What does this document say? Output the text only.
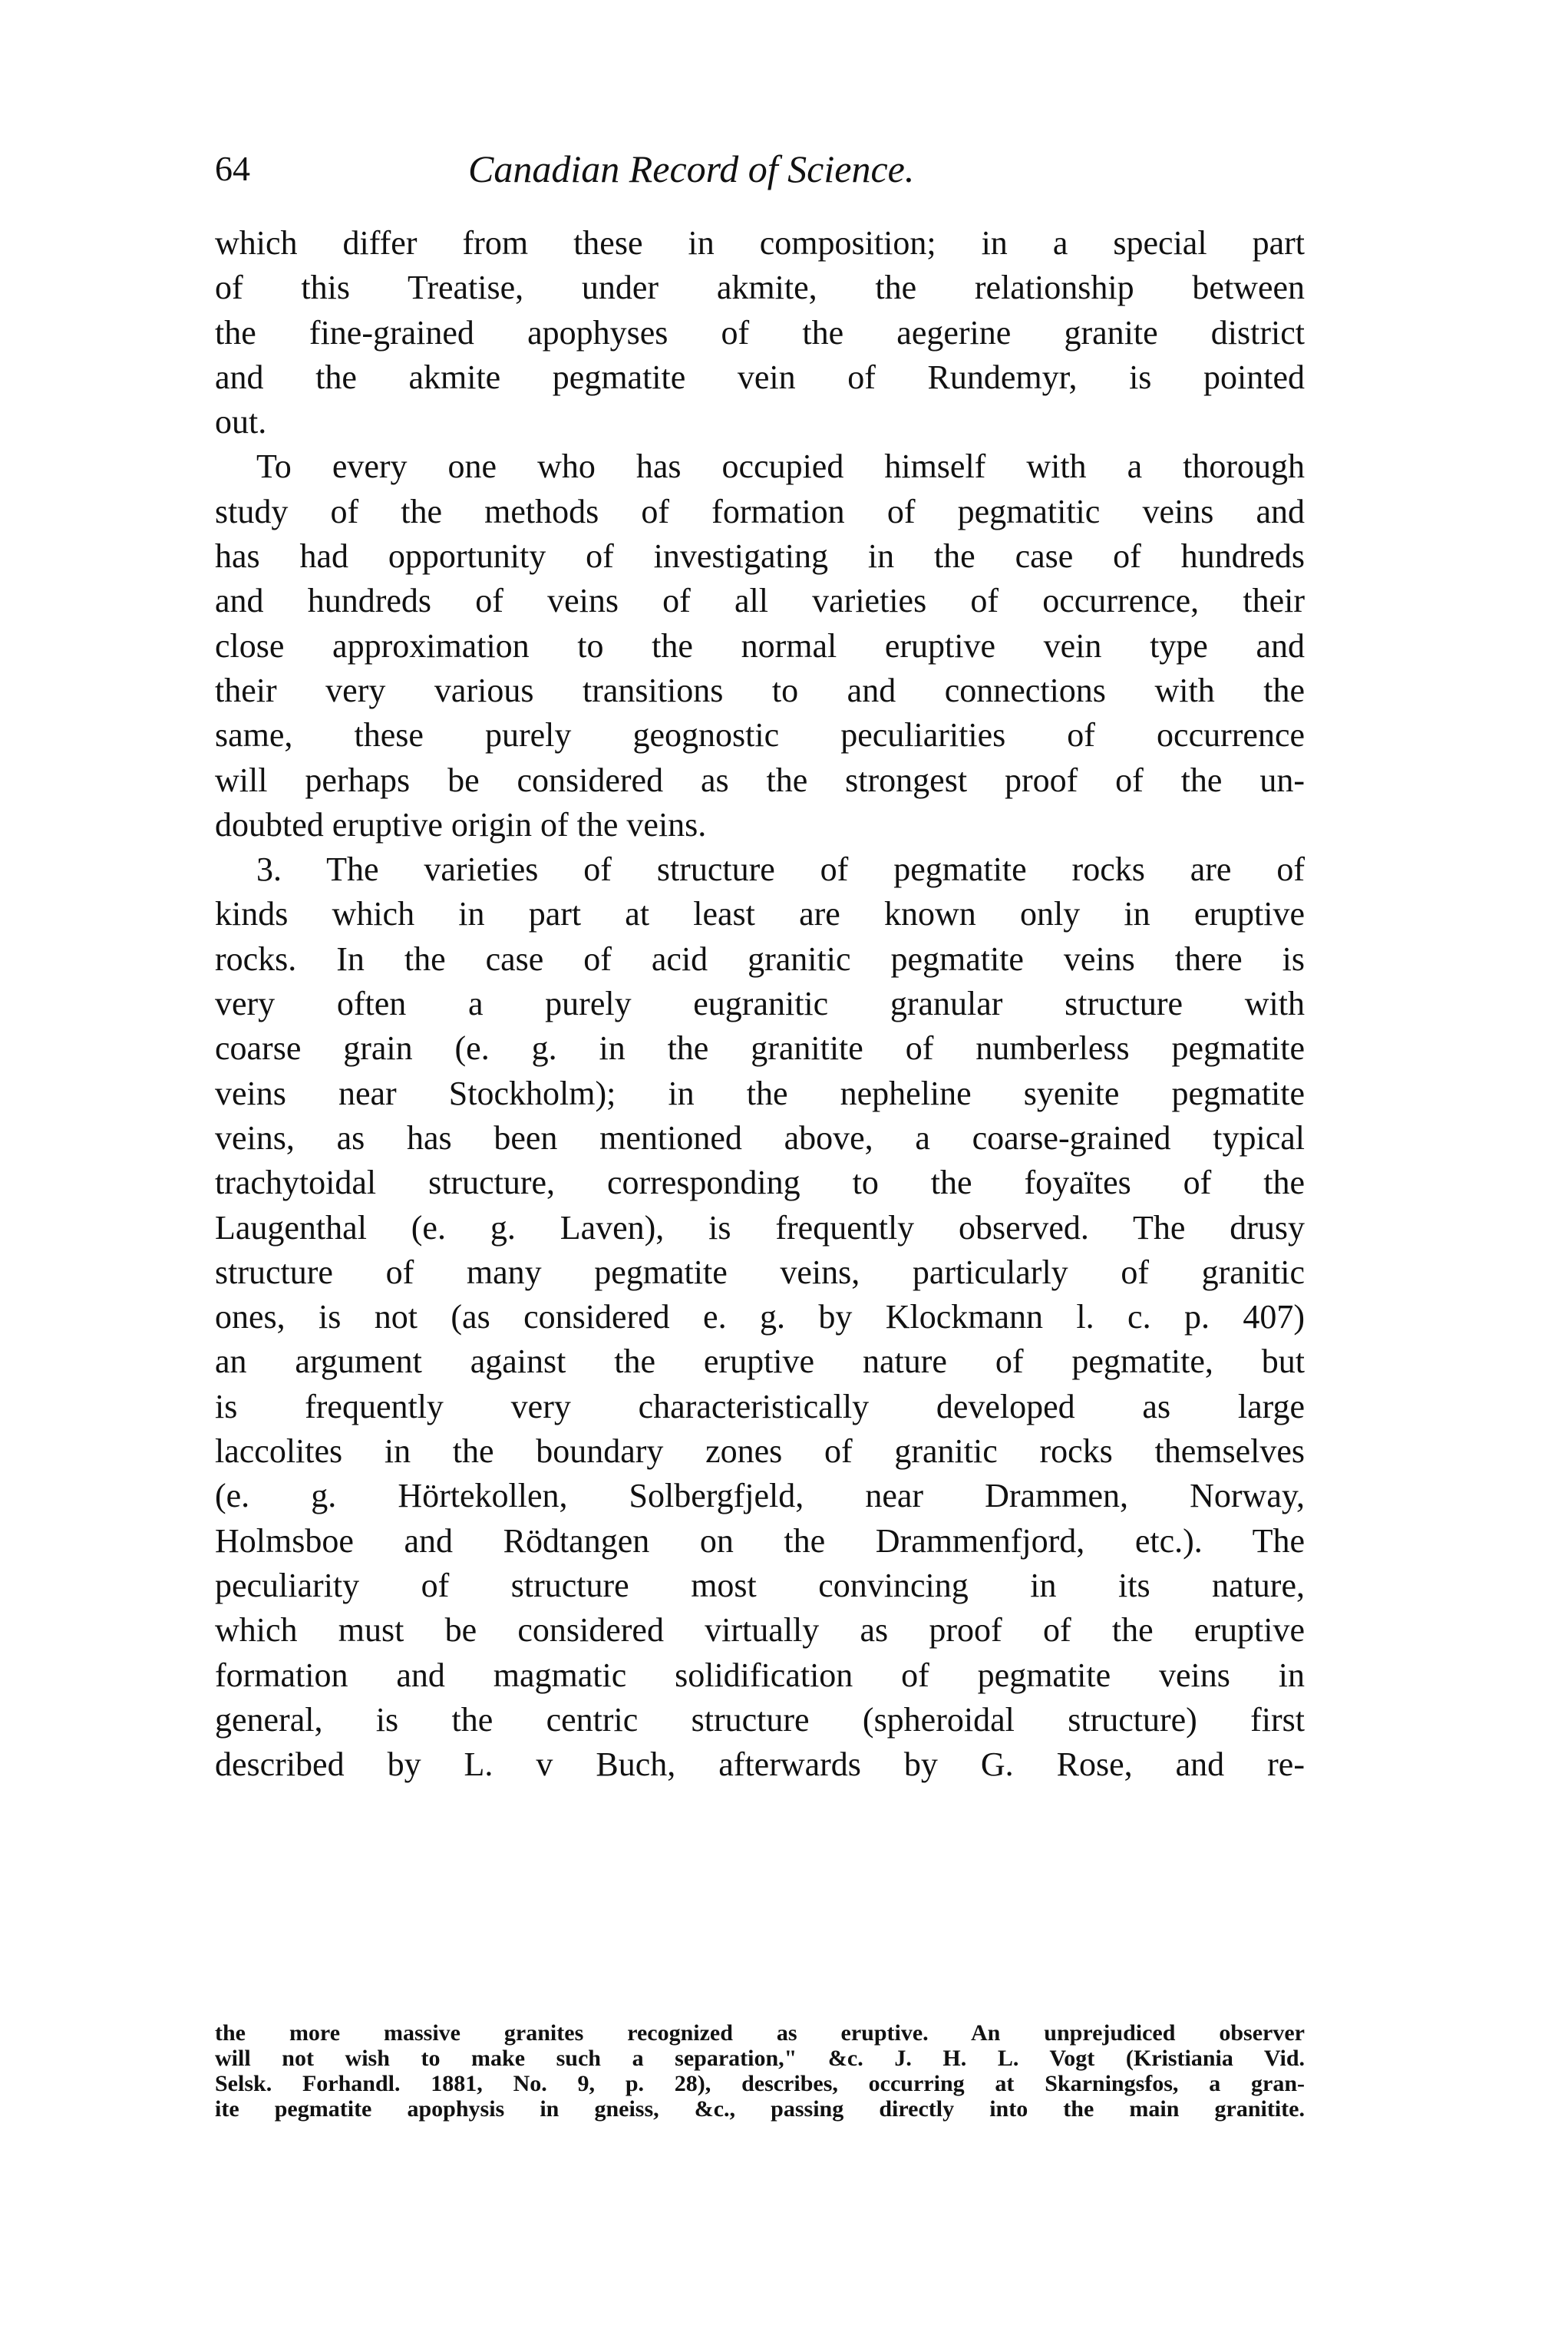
64	Canadian Record of Science.
which differ from these in composition; in a special part
of this Treatise, under akmite, the relationship between
the fine-grained apophyses of the aegerine granite district
and the akmite pegmatite vein of Rundemyr, is pointed
out.
To every one who has occupied himself with a thorough
study of the methods of formation of pegmatitic veins and
has had opportunity of investigating in the case of hundreds
and hundreds of veins of all varieties of occurrence, their
close approximation to the normal eruptive vein type and
their very various transitions to and connections with the
same, these purely geognostic peculiarities of occurrence
will perhaps be considered as the strongest proof of the un-
doubted eruptive origin of the veins.
3. The varieties of structure of pegmatite rocks are of
kinds which in part at least are known only in eruptive
rocks. In the case of acid granitic pegmatite veins there is
very often a purely eugranitic granular structure with
coarse grain (e. g. in the granitite of numberless pegmatite
veins near Stockholm); in the nepheline syenite pegmatite
veins, as has been mentioned above, a coarse-grained typical
trachytoidal structure, corresponding to the foyaïtes of the
Laugenthal (e. g. Laven), is frequently observed. The drusy
structure of many pegmatite veins, particularly of granitic
ones, is not (as considered e. g. by Klockmann l. c. p. 407)
an argument against the eruptive nature of pegmatite, but
is frequently very characteristically developed as large
laccolites in the boundary zones of granitic rocks themselves
(e. g. Hörtekollen, Solbergfjeld, near Drammen, Norway,
Holmsboe and Rödtangen on the Drammenfjord, etc.). The
peculiarity of structure most convincing in its nature,
which must be considered virtually as proof of the eruptive
formation and magmatic solidification of pegmatite veins in
general, is the centric structure (spheroidal structure) first
described by L. v Buch, afterwards by G. Rose, and re-
the more massive granites recognized as eruptive. An unprejudiced observer
will not wish to make such a separation," &c. J. H. L. Vogt (Kristiania Vid.
Selsk. Forhandl. 1881, No. 9, p. 28), describes, occurring at Skarningsfos, a gran-
ite pegmatite apophysis in gneiss, &c., passing directly into the main granitite.
